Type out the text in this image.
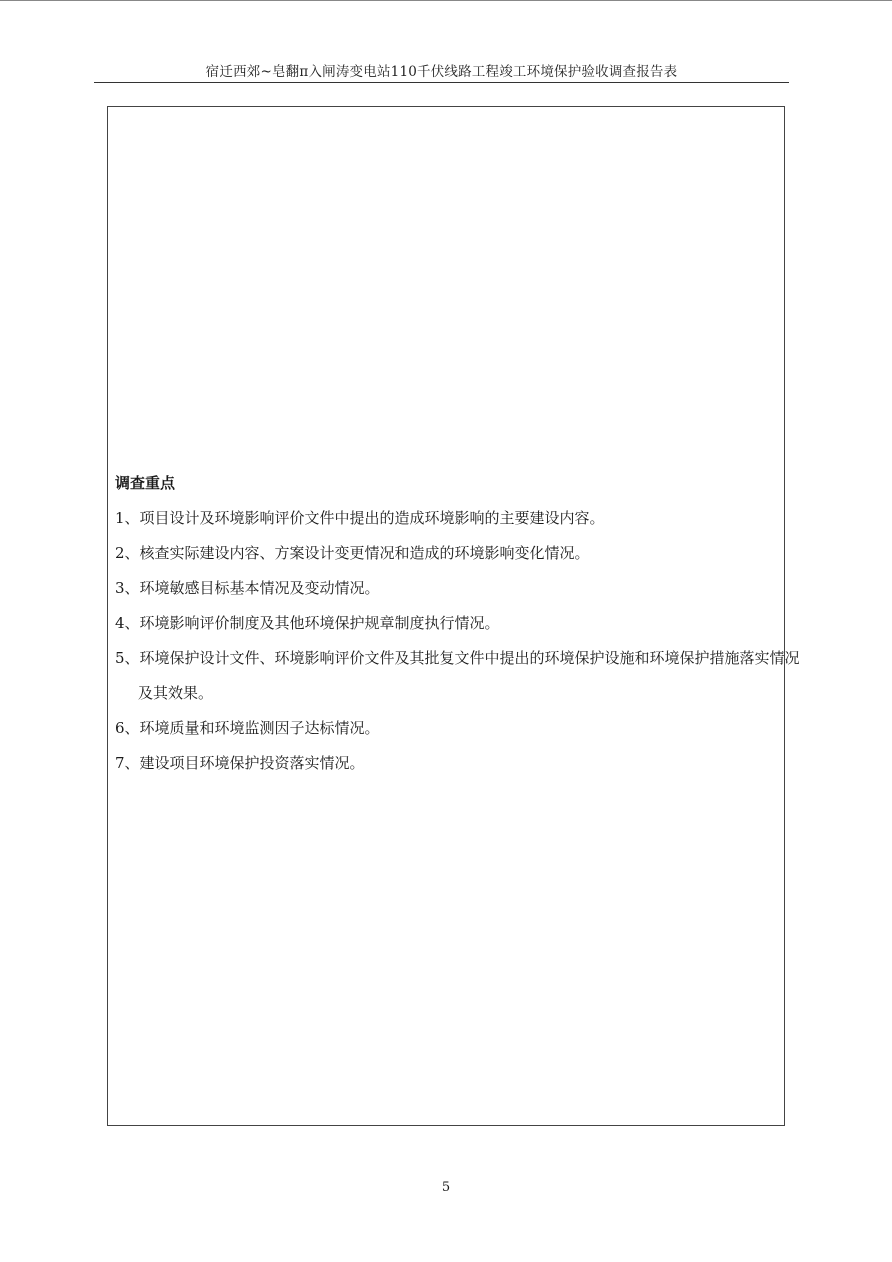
宿迁西郊~皂翻π入闸涛变电站110千伏线路工程竣工环境保护验收调查报告表

调查重点

1、项目设计及环境影响评价文件中提出的造成环境影响的主要建设内容。

2、核查实际建设内容、方案设计变更情况和造成的环境影响变化情况。

3、环境敏感目标基本情况及变动情况。

4、环境影响评价制度及其他环境保护规章制度执行情况。

5、环境保护设计文件、环境影响评价文件及其批复文件中提出的环境保护设施和环境保护措施落实情况及其效果。

6、环境质量和环境监测因子达标情况。

7、建设项目环境保护投资落实情况。

5
